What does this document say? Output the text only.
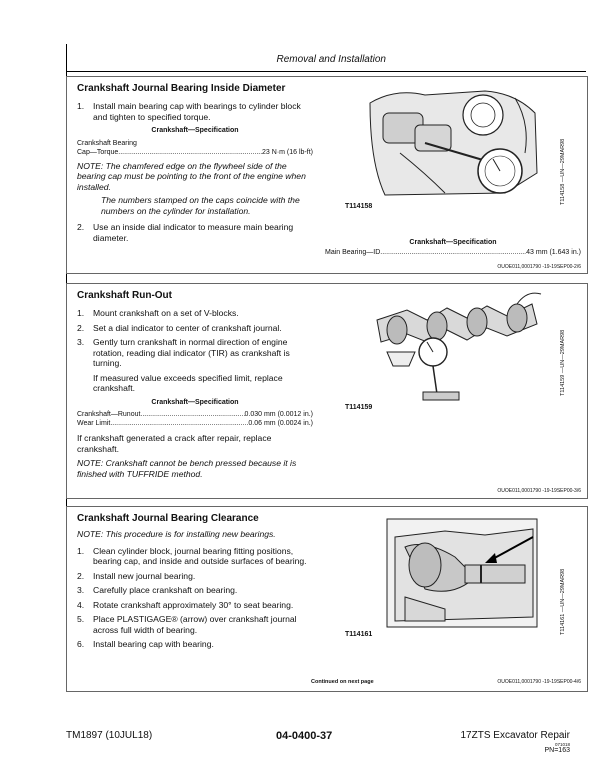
Removal and Installation
Crankshaft Journal Bearing Inside Diameter
1. Install main bearing cap with bearings to cylinder block and tighten to specified torque.
Crankshaft—Specification
Crankshaft Bearing
Cap—Torque .....	23 N·m (16 lb-ft)
NOTE: The chamfered edge on the flywheel side of the bearing cap must be pointing to the front of the engine when installed.
The numbers stamped on the caps coincide with the numbers on the cylinder for installation.
2. Use an inside dial indicator to measure main bearing diameter.
T114158
T114158 —UN—29MAR98
Crankshaft—Specification
Main Bearing—ID .....	43 mm (1.643 in.)
OUOE011,0001790 -19-19SEP00-2/6
Crankshaft Run-Out
1. Mount crankshaft on a set of V-blocks.
2. Set a dial indicator to center of crankshaft journal.
3. Gently turn crankshaft in normal direction of engine rotation, reading dial indicator (TIR) as crankshaft is turning.
If measured value exceeds specified limit, replace crankshaft.
Crankshaft—Specification
Crankshaft—Runout .....	0.030 mm (0.0012 in.)
Wear Limit .....	0.06 mm (0.0024 in.)
If crankshaft generated a crack after repair, replace crankshaft.
NOTE: Crankshaft cannot be bench pressed because it is finished with TUFFRIDE method.
T114159
T114159 —UN—29MAR98
OUOE011,0001790 -19-19SEP00-3/6
Crankshaft Journal Bearing Clearance
NOTE: This procedure is for installing new bearings.
1. Clean cylinder block, journal bearing fitting positions, bearing cap, and inside and outside surfaces of bearing.
2. Install new journal bearing.
3. Carefully place crankshaft on bearing.
4. Rotate crankshaft approximately 30° to seat bearing.
5. Place PLASTIGAGE® (arrow) over crankshaft journal across full width of bearing.
6. Install bearing cap with bearing.
T114161	T114161 —UN—29MAR98
Continued on next page	OUOE011,0001790 -19-19SEP00-4/6
TM1897 (10JUL18)	04-0400-37	17ZTS Excavator Repair
071018
PN=163
